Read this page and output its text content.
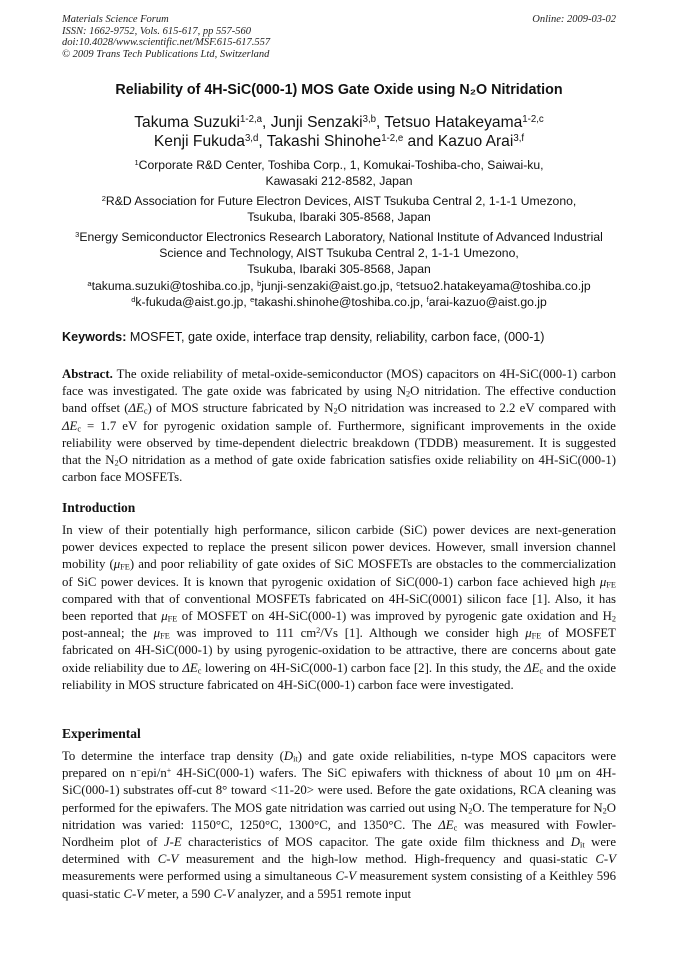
Materials Science Forum
ISSN: 1662-9752, Vols. 615-617, pp 557-560
doi:10.4028/www.scientific.net/MSF.615-617.557
© 2009 Trans Tech Publications Ltd, Switzerland
Online: 2009-03-02
Reliability of 4H-SiC(000-1) MOS Gate Oxide using N₂O Nitridation
Takuma Suzuki$^{1-2,a}$, Junji Senzaki$^{3,b}$, Tetsuo Hatakeyama$^{1-2,c}$
Kenji Fukuda$^{3,d}$, Takashi Shinohe$^{1-2,e}$ and Kazuo Arai$^{3,f}$
$^1$Corporate R&D Center, Toshiba Corp., 1, Komukai-Toshiba-cho, Saiwai-ku,
Kawasaki 212-8582, Japan
$^2$R&D Association for Future Electron Devices, AIST Tsukuba Central 2, 1-1-1 Umezono,
Tsukuba, Ibaraki 305-8568, Japan
$^3$Energy Semiconductor Electronics Research Laboratory, National Institute of Advanced Industrial
Science and Technology, AIST Tsukuba Central 2, 1-1-1 Umezono,
Tsukuba, Ibaraki 305-8568, Japan
$^a$takuma.suzuki@toshiba.co.jp, $^b$junji-senzaki@aist.go.jp, $^c$tetsuo2.hatakeyama@toshiba.co.jp
$^d$k-fukuda@aist.go.jp, $^e$takashi.shinohe@toshiba.co.jp, $^f$arai-kazuo@aist.go.jp
Keywords: MOSFET, gate oxide, interface trap density, reliability, carbon face, (000-1)
Abstract. The oxide reliability of metal-oxide-semiconductor (MOS) capacitors on 4H-SiC(000-1) carbon face was investigated. The gate oxide was fabricated by using $N_2O$ nitridation. The effective conduction band offset $(\Delta E_c)$ of MOS structure fabricated by $N_2O$ nitridation was increased to 2.2 eV compared with $\Delta E_c = 1.7$ eV for pyrogenic oxidation sample of. Furthermore, significant improvements in the oxide reliability were observed by time-dependent dielectric breakdown (TDDB) measurement. It is suggested that the $N_2O$ nitridation as a method of gate oxide fabrication satisfies oxide reliability on 4H-SiC(000-1) carbon face MOSFETs.
Introduction
In view of their potentially high performance, silicon carbide (SiC) power devices are next-generation power devices expected to replace the present silicon power devices. However, small inversion channel mobility $(\mu_{FE})$ and poor reliability of gate oxides of SiC MOSFETs are obstacles to the commercialization of SiC power devices. It is known that pyrogenic oxidation of SiC(000-1) carbon face achieved high $\mu_{FE}$ compared with that of conventional MOSFETs fabricated on 4H-SiC(0001) silicon face [1]. Also, it has been reported that $\mu_{FE}$ of MOSFET on 4H-SiC(000-1) was improved by pyrogenic gate oxidation and $H_2$ post-anneal; the $\mu_{FE}$ was improved to 111 $cm^2/Vs$ [1]. Although we consider high $\mu_{FE}$ of MOSFET fabricated on 4H-SiC(000-1) by using pyrogenic-oxidation to be attractive, there are concerns about gate oxide reliability due to $\Delta E_c$ lowering on 4H-SiC(000-1) carbon face [2]. In this study, the $\Delta E_c$ and the oxide reliability in MOS structure fabricated on 4H-SiC(000-1) carbon face were investigated.
Experimental
To determine the interface trap density $(D_{it})$ and gate oxide reliabilities, n-type MOS capacitors were prepared on n−epi/n+ 4H-SiC(000-1) wafers. The SiC epiwafers with thickness of about 10 μm on 4H-SiC(000-1) substrates off-cut 8° toward <11-20> were used. Before the gate oxidations, RCA cleaning was performed for the epiwafers. The MOS gate nitridation was carried out using $N_2O$. The temperature for $N_2O$ nitridation was varied: 1150°C, 1250°C, 1300°C, and 1350°C. The $\Delta E_c$ was measured with Fowler-Nordheim plot of J-E characteristics of MOS capacitor. The gate oxide film thickness and $D_{it}$ were determined with C-V measurement and the high-low method. High-frequency and quasi-static C-V measurements were performed using a simultaneous C-V measurement system consisting of a Keithley 596 quasi-static C-V meter, a 590 C-V analyzer, and a 5951 remote input
